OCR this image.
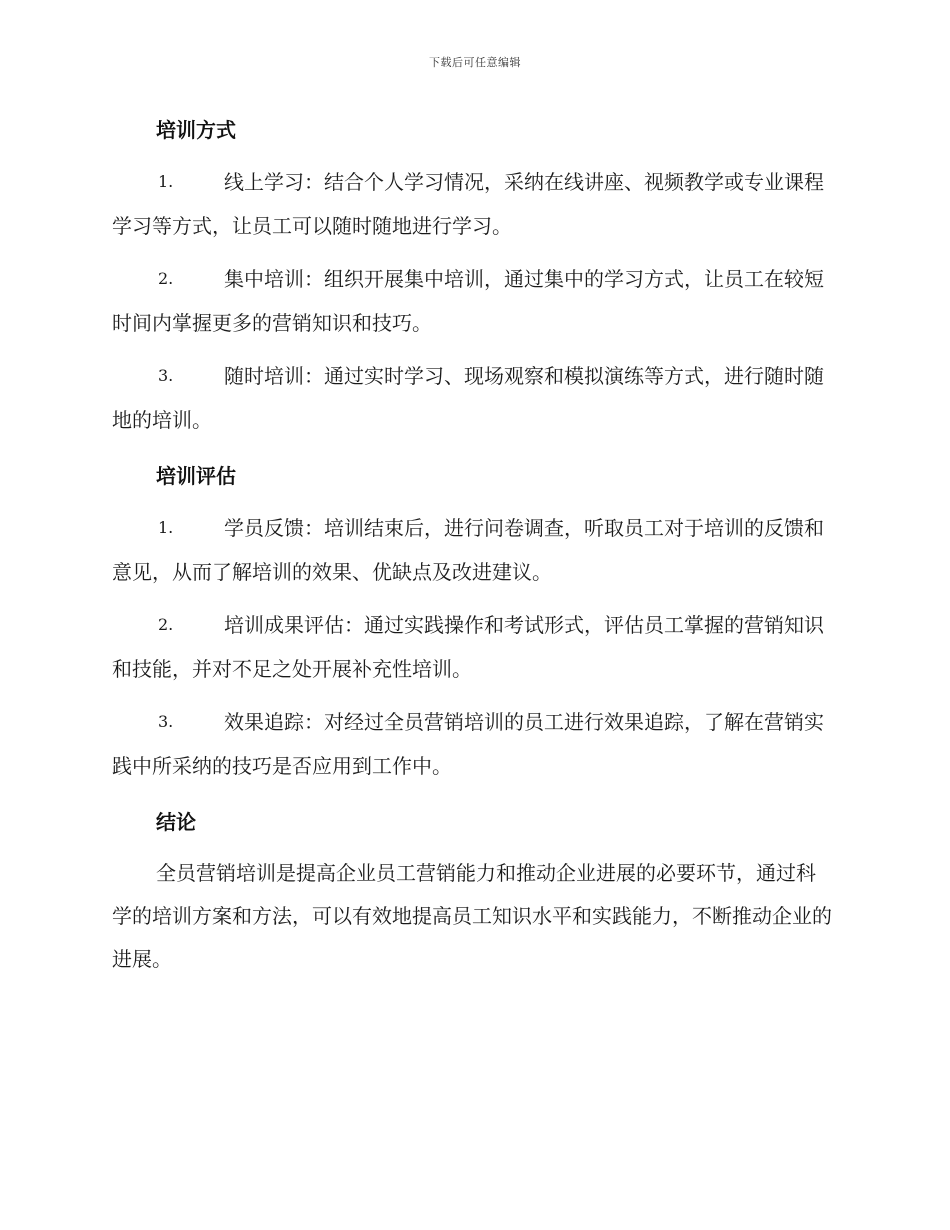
下载后可任意编辑
培训方式
1.	线上学习：结合个人学习情况，采纳在线讲座、视频教学或专业课程学习等方式，让员工可以随时随地进行学习。
2.	集中培训：组织开展集中培训，通过集中的学习方式，让员工在较短时间内掌握更多的营销知识和技巧。
3.	随时培训：通过实时学习、现场观察和模拟演练等方式，进行随时随地的培训。
培训评估
1.	学员反馈：培训结束后，进行问卷调查，听取员工对于培训的反馈和意见，从而了解培训的效果、优缺点及改进建议。
2.	培训成果评估：通过实践操作和考试形式，评估员工掌握的营销知识和技能，并对不足之处开展补充性培训。
3.	效果追踪：对经过全员营销培训的员工进行效果追踪，了解在营销实践中所采纳的技巧是否应用到工作中。
结论
全员营销培训是提高企业员工营销能力和推动企业进展的必要环节，通过科学的培训方案和方法，可以有效地提高员工知识水平和实践能力，不断推动企业的进展。
